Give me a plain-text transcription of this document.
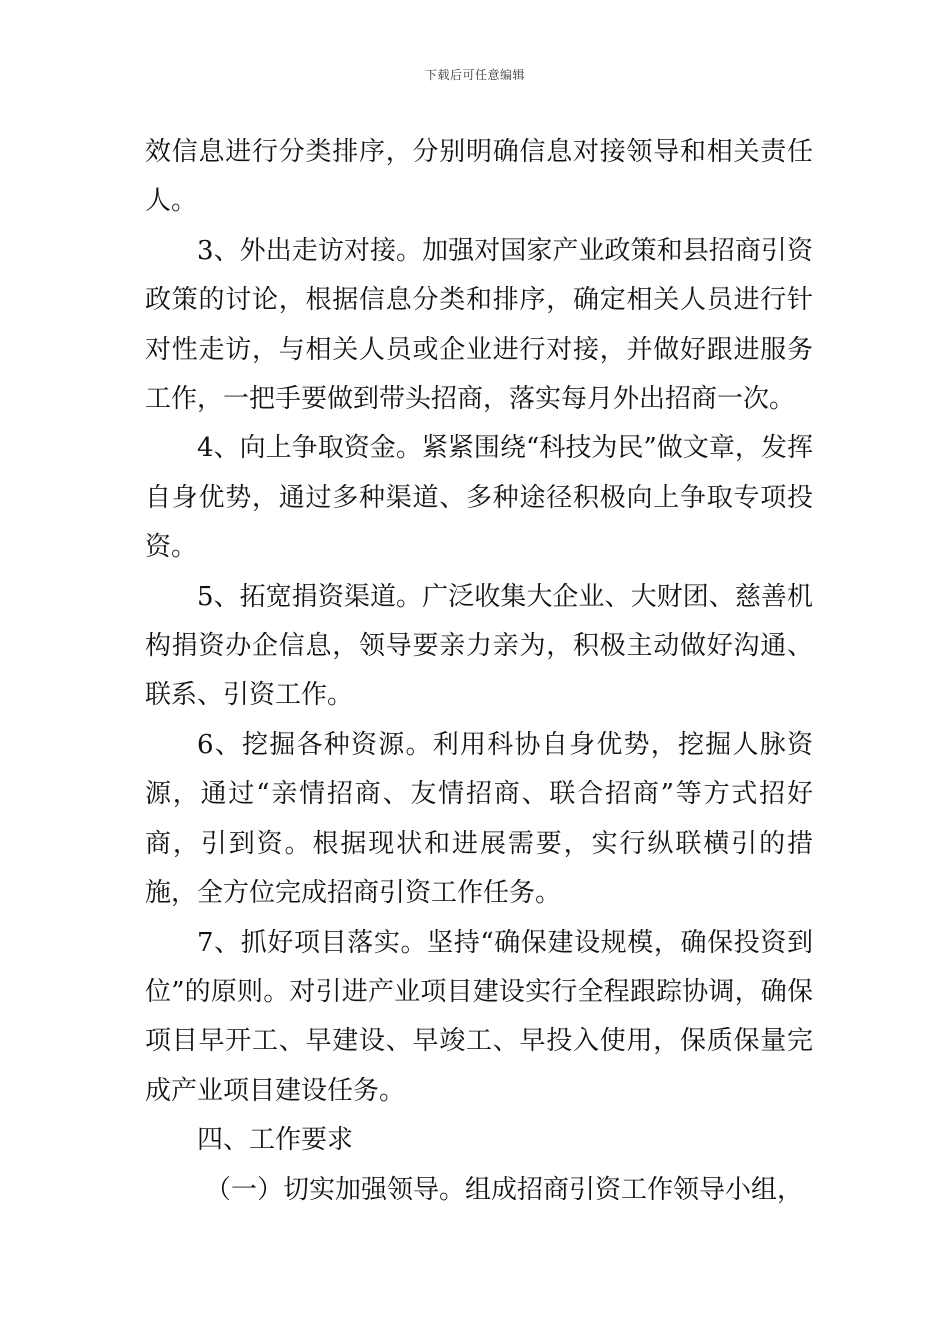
下载后可任意编辑

效信息进行分类排序，分别明确信息对接领导和相关责任人。

3、外出走访对接。加强对国家产业政策和县招商引资政策的讨论，根据信息分类和排序，确定相关人员进行针对性走访，与相关人员或企业进行对接，并做好跟进服务工作，一把手要做到带头招商，落实每月外出招商一次。

4、向上争取资金。紧紧围绕“科技为民”做文章，发挥自身优势，通过多种渠道、多种途径积极向上争取专项投资。

5、拓宽捐资渠道。广泛收集大企业、大财团、慈善机构捐资办企信息，领导要亲力亲为，积极主动做好沟通、联系、引资工作。

6、挖掘各种资源。利用科协自身优势，挖掘人脉资源，通过“亲情招商、友情招商、联合招商”等方式招好商，引到资。根据现状和进展需要，实行纵联横引的措施，全方位完成招商引资工作任务。

7、抓好项目落实。坚持“确保建设规模，确保投资到位”的原则。对引进产业项目建设实行全程跟踪协调，确保项目早开工、早建设、早竣工、早投入使用，保质保量完成产业项目建设任务。

四、工作要求

（一）切实加强领导。组成招商引资工作领导小组，
